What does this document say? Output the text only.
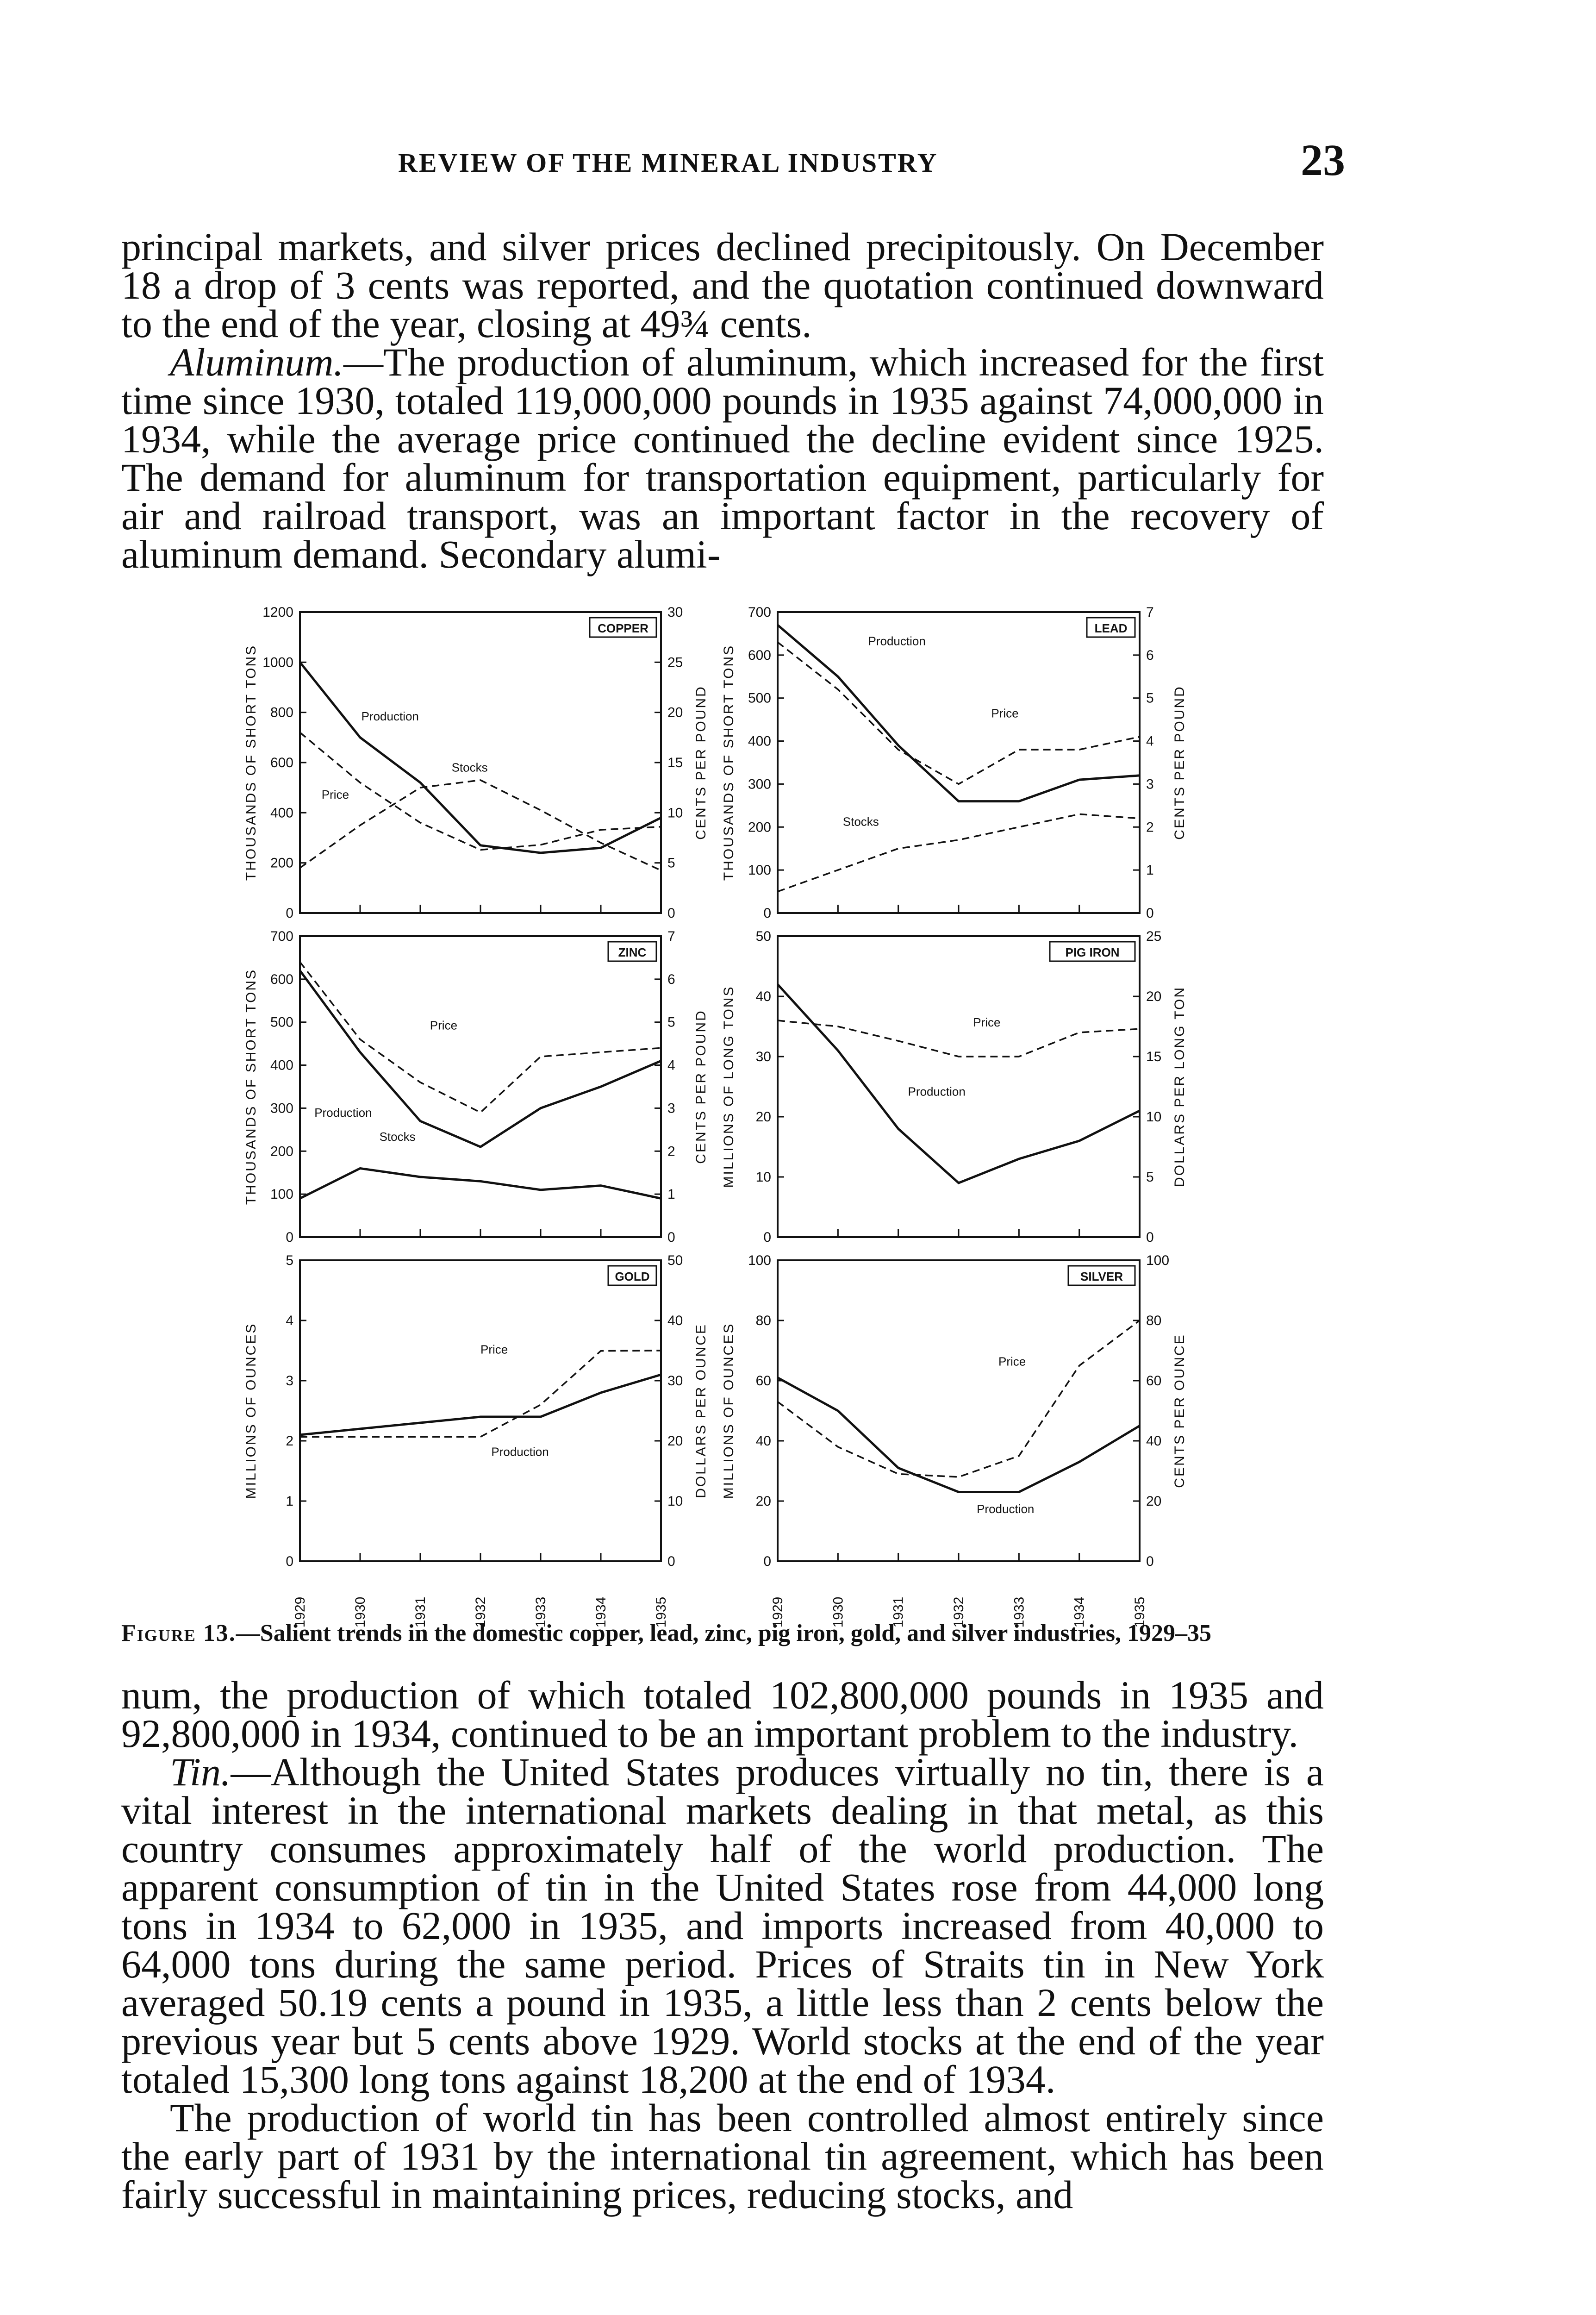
REVIEW OF THE MINERAL INDUSTRY	23

principal markets, and silver prices declined precipitously. On December 18 a drop of 3 cents was reported, and the quotation continued downward to the end of the year, closing at 49¾ cents.

Aluminum.—The production of aluminum, which increased for the first time since 1930, totaled 119,000,000 pounds in 1935 against 74,000,000 in 1934, while the average price continued the decline evident since 1925. The demand for aluminum for transportation equipment, particularly for air and railroad transport, was an important factor in the recovery of aluminum demand. Secondary alumi-

0
200
400
600
800
1000
1200
0
5
10
15
20
25
30
THOUSANDS OF SHORT TONS	CENTS PER POUND
COPPER
Production
Stocks
Price
0
100
200
300
400
500
600
700
0
1
2
3
4
5
6
7
THOUSANDS OF SHORT TONS	CENTS PER POUND
LEAD
Production
Price
Stocks
0
100
200
300
400
500
600
700
0
1
2
3
4
5
6
7
THOUSANDS OF SHORT TONS	CENTS PER POUND
ZINC
Price
Production
Stocks
0
10
20
30
40
50
0
5
10
15
20
25
MILLIONS OF LONG TONS	DOLLARS PER LONG TON
PIG IRON
Price
Production
0
1
2
3
4
5
0
10
20
30
40
50
MILLIONS OF OUNCES	DOLLARS PER OUNCE
GOLD
Price
Production
1929	1930	1931	1932	1933	1934	1935
0
20
40
60
80
100
0
20
40
60
80
100
MILLIONS OF OUNCES	CENTS PER OUNCE
SILVER
Price
Production
1929	1930	1931	1932	1933	1934	1935
Figure 13.—Salient trends in the domestic copper, lead, zinc, pig iron, gold, and silver industries, 1929–35

num, the production of which totaled 102,800,000 pounds in 1935 and 92,800,000 in 1934, continued to be an important problem to the industry.

Tin.—Although the United States produces virtually no tin, there is a vital interest in the international markets dealing in that metal, as this country consumes approximately half of the world production. The apparent consumption of tin in the United States rose from 44,000 long tons in 1934 to 62,000 in 1935, and imports increased from 40,000 to 64,000 tons during the same period. Prices of Straits tin in New York averaged 50.19 cents a pound in 1935, a little less than 2 cents below the previous year but 5 cents above 1929. World stocks at the end of the year totaled 15,300 long tons against 18,200 at the end of 1934.

The production of world tin has been controlled almost entirely since the early part of 1931 by the international tin agreement, which has been fairly successful in maintaining prices, reducing stocks, and
